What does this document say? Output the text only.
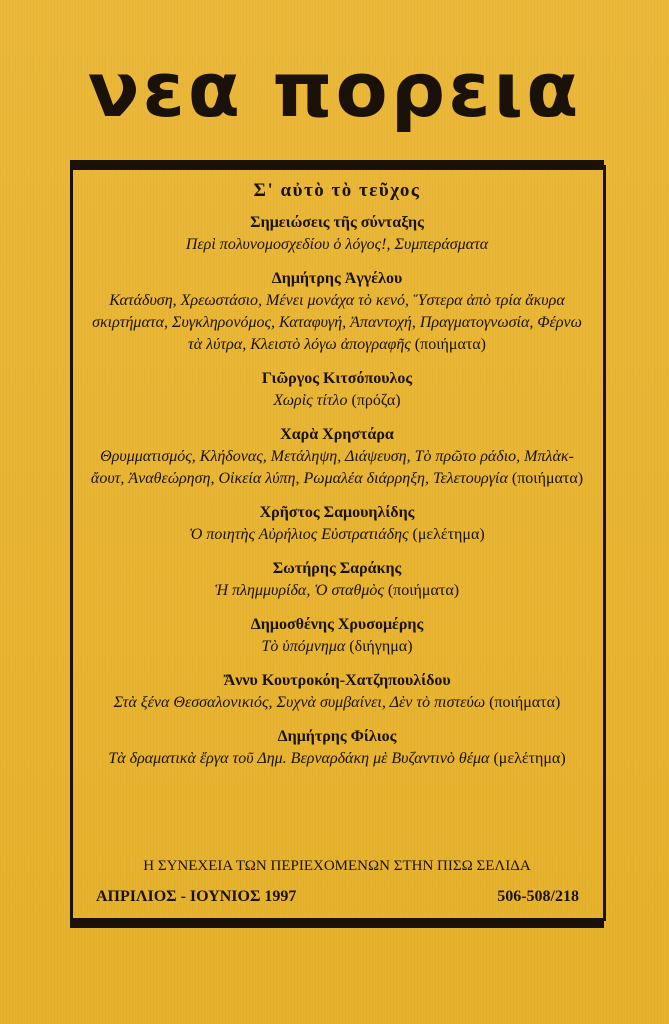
νεα πορεια
Σ' αὐτὸ τὸ τεῦχος
Σημειώσεις τῆς σύνταξης
Περὶ πολυνομοσχεδίου ὁ λόγος!, Συμπεράσματα
Δημήτρης Ἀγγέλου
Κατάδυση, Χρεωστάσιο, Μένει μονάχα τὸ κενό, Ὕστερα ἀπὸ τρία ἄκυρα σκιρτήματα, Συγκληρονόμος, Καταφυγή, Ἀπαντοχή, Πραγματογνωσία, Φέρνω τὰ λύτρα, Κλειστὸ λόγω ἀπογραφῆς (ποιήματα)
Γιῶργος Κιτσόπουλος
Χωρὶς τίτλο (πρόζα)
Χαρὰ Χρηστάρα
Θρυμματισμός, Κλήδονας, Μετάληψη, Διάψευση, Τὸ πρῶτο ράδιο, Μπλὰκ-ἄουτ, Ἀναθεώρηση, Οἰκεία λύπη, Ρωμαλέα διάρρηξη, Τελετουργία (ποιήματα)
Χρῆστος Σαμουηλίδης
Ὁ ποιητὴς Αὐρήλιος Εὐστρατιάδης (μελέτημα)
Σωτήρης Σαράκης
Ἡ πλημμυρίδα, Ὁ σταθμὸς (ποιήματα)
Δημοσθένης Χρυσομέρης
Τὸ ὑπόμνημα (διήγημα)
Ἄννυ Κουτροκόη-Χατζηπουλίδου
Στὰ ξένα Θεσσαλονικιός, Συχνὰ συμβαίνει, Δὲν τὸ πιστεύω (ποιήματα)
Δημήτρης Φίλιος
Τὰ δραματικὰ ἔργα τοῦ Δημ. Βερναρδάκη μὲ Βυζαντινὸ θέμα (μελέτημα)
Η ΣΥΝΕΧΕΙΑ ΤΩΝ ΠΕΡΙΕΧΟΜΕΝΩΝ ΣΤΗΝ ΠΙΣΩ ΣΕΛΙΔΑ
ΑΠΡΙΛΙΟΣ - ΙΟΥΝΙΟΣ 1997	506-508/218
